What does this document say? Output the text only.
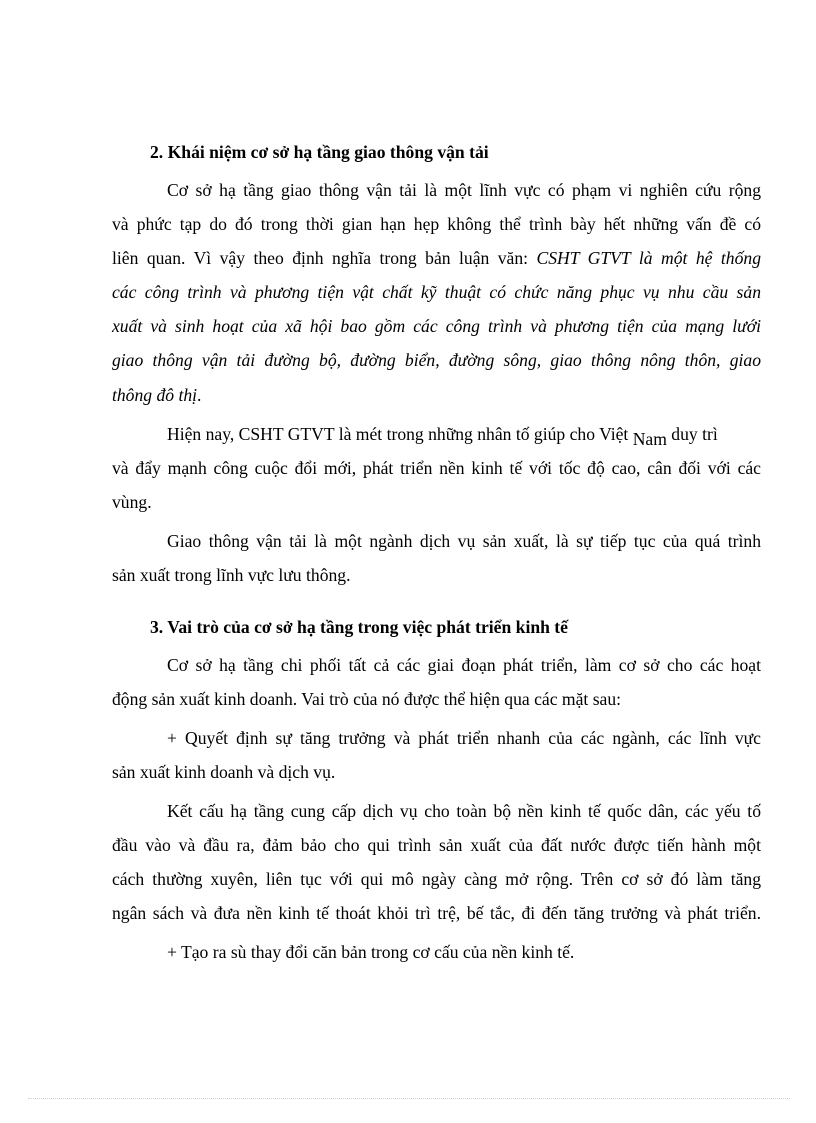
2. Khái niệm cơ sở hạ tầng giao thông vận tải
Cơ sở hạ tầng giao thông vận tải là một lĩnh vực có phạm vi nghiên cứu rộng
và phức tạp do đó trong thời gian hạn hẹp không thể trình bày hết những vấn đề có
liên quan. Vì vậy theo định nghĩa trong bản luận văn: CSHT GTVT là một hệ thống
các công trình và phương tiện vật chất kỹ thuật có chức năng phục vụ nhu cầu sản
xuất và sinh hoạt của xã hội bao gồm các công trình và phương tiện của mạng lưới
giao thông vận tải đường bộ, đường biển, đường sông, giao thông nông thôn, giao
thông đô thị.
Hiện nay, CSHT GTVT là mét trong những nhân tố giúp cho Việt Nam duy trì
và đẩy mạnh công cuộc đổi mới, phát triển nền kinh tế với tốc độ cao, cân đối với các
vùng.
Giao thông vận tải là một ngành dịch vụ sản xuất, là sự tiếp tục của quá trình
sản xuất trong lĩnh vực lưu thông.
3. Vai trò của cơ sở hạ tầng trong việc phát triển kinh tế
Cơ sở hạ tầng chi phối tất cả các giai đoạn phát triển, làm cơ sở cho các hoạt
động sản xuất kinh doanh. Vai trò của nó được thể hiện qua các mặt sau:
+ Quyết định sự tăng trưởng và phát triển nhanh của các ngành, các lĩnh vực
sản xuất kinh doanh và dịch vụ.
Kết cấu hạ tầng cung cấp dịch vụ cho toàn bộ nền kinh tế quốc dân, các yếu tố
đầu vào và đầu ra, đảm bảo cho qui trình sản xuất của đất nước được tiến hành một
cách thường xuyên, liên tục với qui mô ngày càng mở rộng. Trên cơ sở đó làm tăng
ngân sách và đưa nền kinh tế thoát khỏi trì trệ, bế tắc, đi đến tăng trưởng và phát triển.
+ Tạo ra sù thay đổi căn bản trong cơ cấu của nền kinh tế.
